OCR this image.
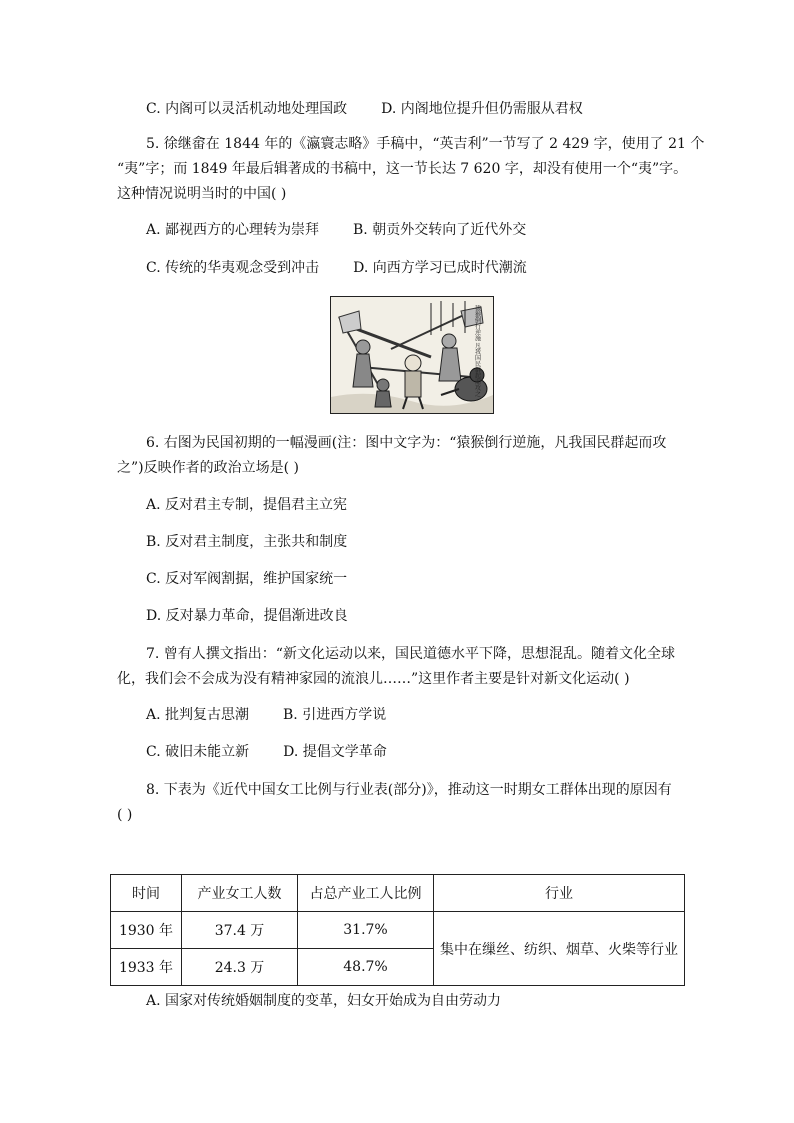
C. 内阁可以灵活机动地处理国政 D. 内阁地位提升但仍需服从君权
5. 徐继畲在 1844 年的《瀛寰志略》手稿中，“英吉利”一节写了 2 429 字，使用了 21 个
“夷”字；而 1849 年最后辑著成的书稿中，这一节长达 7 620 字，却没有使用一个“夷”字。
这种情况说明当时的中国( )
A. 鄙视西方的心理转为崇拜 B. 朝贡外交转向了近代外交
C. 传统的华夷观念受到冲击 D. 向西方学习已成时代潮流
猿猴倒行逆施 凡我国民群起而攻之
6. 右图为民国初期的一幅漫画(注：图中文字为：“猿猴倒行逆施，凡我国民群起而攻
之”)反映作者的政治立场是( )
A. 反对君主专制，提倡君主立宪
B. 反对君主制度，主张共和制度
C. 反对军阀割据，维护国家统一
D. 反对暴力革命，提倡渐进改良
7. 曾有人撰文指出：“新文化运动以来，国民道德水平下降，思想混乱。随着文化全球
化，我们会不会成为没有精神家园的流浪儿……”这里作者主要是针对新文化运动( )
A. 批判复古思潮 B. 引进西方学说
C. 破旧未能立新 D. 提倡文学革命
8. 下表为《近代中国女工比例与行业表(部分)》，推动这一时期女工群体出现的原因有
( )
时间	产业女工人数	占总产业工人比例	行业
1930 年	37.4 万	31.7%	集中在缫丝、纺织、烟草、火柴等行业
1933 年	24.3 万	48.7%	
A. 国家对传统婚姻制度的变革，妇女开始成为自由劳动力
